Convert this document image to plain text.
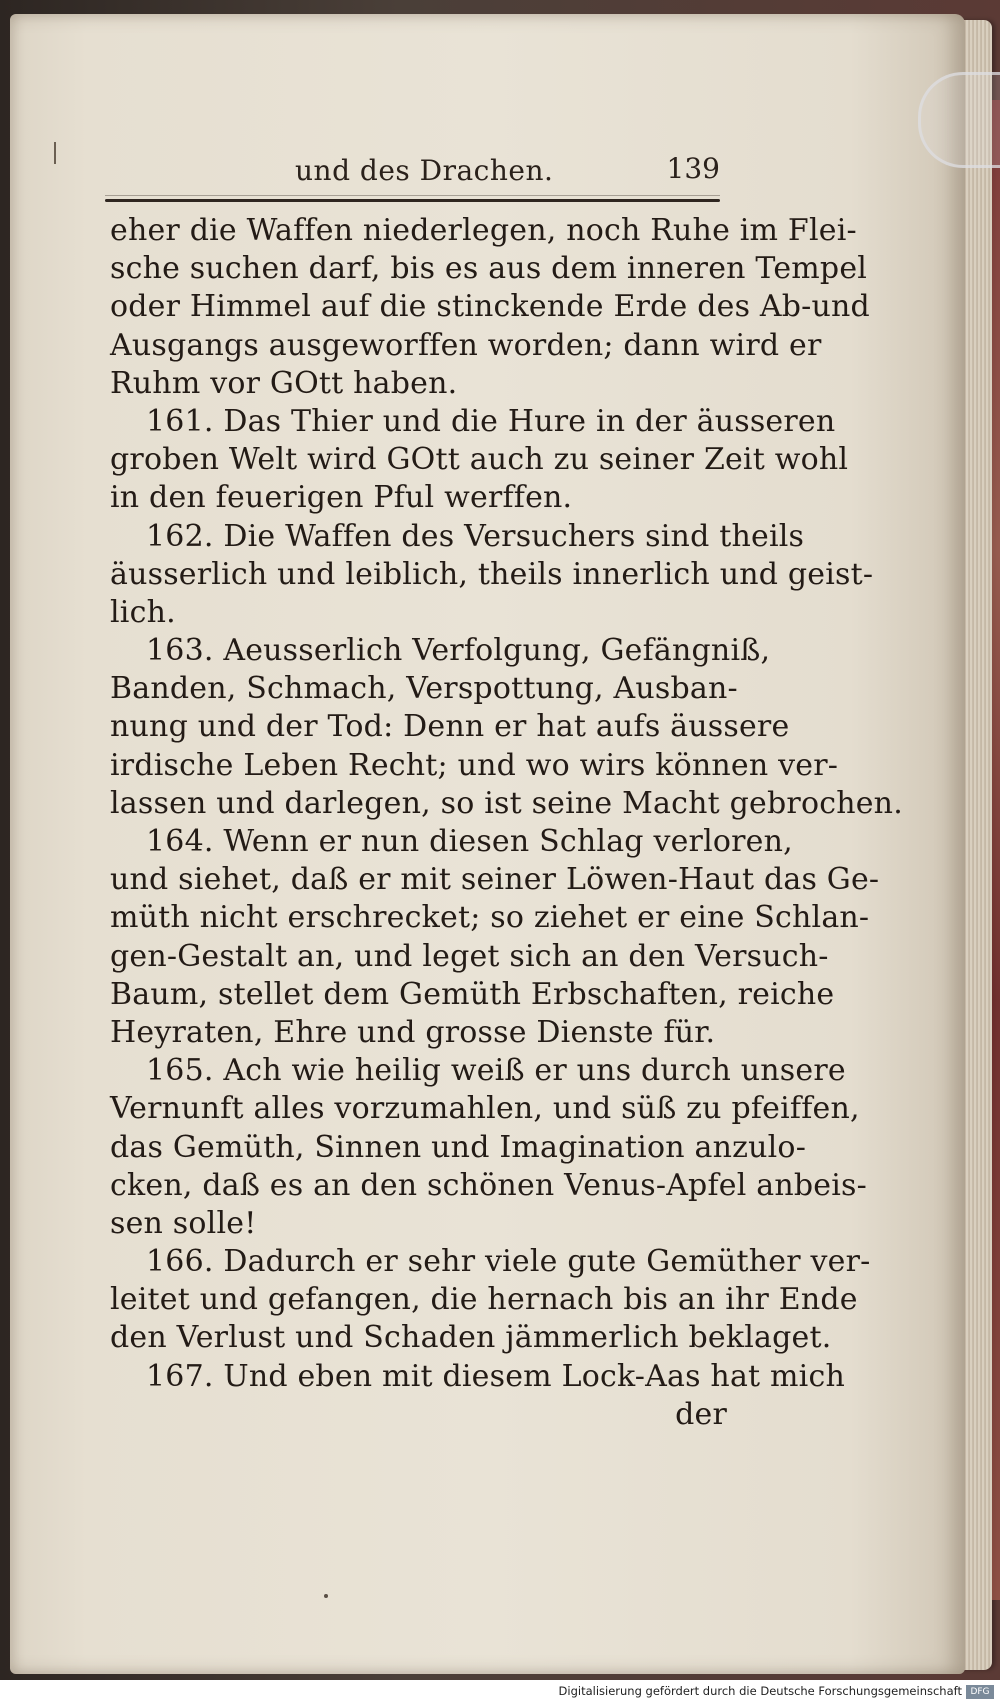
und des Drachen.	139
eher die Waffen niederlegen, noch Ruhe im Flei-
sche suchen darf, bis es aus dem inneren Tempel
oder Himmel auf die stinckende Erde des Ab-und
Ausgangs ausgeworffen worden; dann wird er
Ruhm vor GOtt haben.
161. Das Thier und die Hure in der äusseren
groben Welt wird GOtt auch zu seiner Zeit wohl
in den feuerigen Pful werffen.
162. Die Waffen des Versuchers sind theils
äusserlich und leiblich, theils innerlich und geist-
lich.
163. Aeusserlich Verfolgung, Gefängniß,
Banden, Schmach, Verspottung, Ausban-
nung und der Tod: Denn er hat aufs äussere
irdische Leben Recht; und wo wirs können ver-
lassen und darlegen, so ist seine Macht gebrochen.
164. Wenn er nun diesen Schlag verloren,
und siehet, daß er mit seiner Löwen-Haut das Ge-
müth nicht erschrecket; so ziehet er eine Schlan-
gen-Gestalt an, und leget sich an den Versuch-
Baum, stellet dem Gemüth Erbschaften, reiche
Heyraten, Ehre und grosse Dienste für.
165. Ach wie heilig weiß er uns durch unsere
Vernunft alles vorzumahlen, und süß zu pfeiffen,
das Gemüth, Sinnen und Imagination anzulo-
cken, daß es an den schönen Venus-Apfel anbeis-
sen solle!
166. Dadurch er sehr viele gute Gemüther ver-
leitet und gefangen, die hernach bis an ihr Ende
den Verlust und Schaden jämmerlich beklaget.
167. Und eben mit diesem Lock-Aas hat mich
der
Digitalisierung gefördert durch die Deutsche Forschungsgemeinschaft DFG
